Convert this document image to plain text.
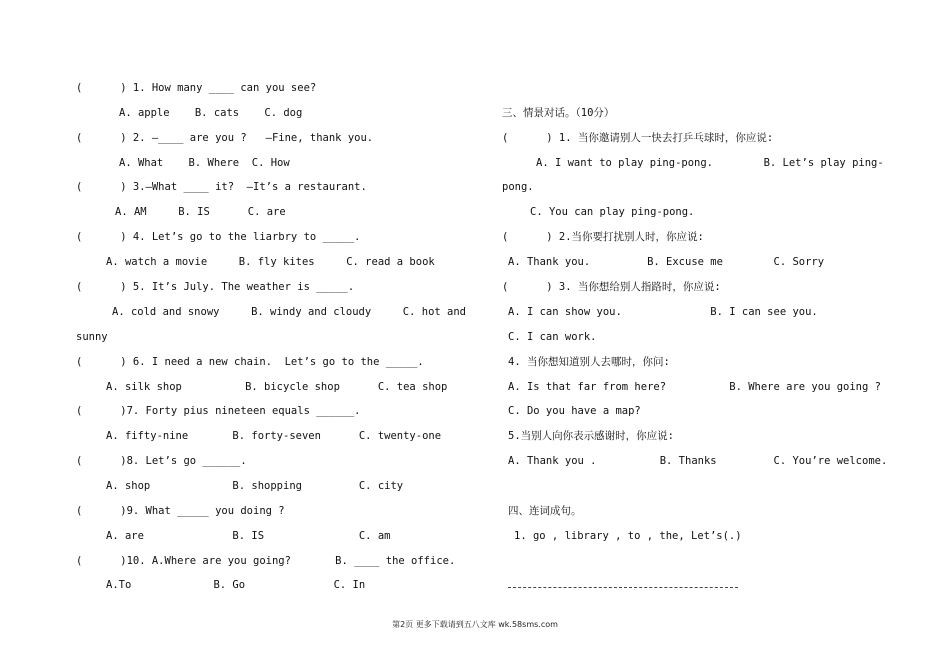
(      ) 1. How many ____ can you see?
A. apple    B. cats    C. dog
(      ) 2. —____ are you ?   —Fine, thank you.
A. What    B. Where  C. How
(      ) 3.—What ____ it?  —It’s a restaurant.
A. AM     B. IS      C. are
(      ) 4. Let’s go to the liarbry to _____.
A. watch a movie     B. fly kites     C. read a book
(      ) 5. It’s July. The weather is _____.
A. cold and snowy     B. windy and cloudy     C. hot and
sunny
(      ) 6. I need a new chain.  Let’s go to the _____.
A. silk shop          B. bicycle shop      C. tea shop
(      )7. Forty pius nineteen equals ______.
A. fifty-nine       B. forty-seven      C. twenty-one
(      )8. Let’s go ______.
A. shop             B. shopping         C. city
(      )9. What _____ you doing ?
A. are              B. IS               C. am
(      )10. A.Where are you going?       B. ____ the office.
A.To             B. Go              C. In
三、情景对话。（10分）
(      ) 1. 当你邀请别人一快去打乒乓球时，你应说:
A. I want to play ping-pong.        B. Let’s play ping-
pong.
C. You can play ping-pong.
(      ) 2.当你要打扰别人时，你应说:
A. Thank you.         B. Excuse me        C. Sorry
(      ) 3. 当你想给别人指路时，你应说:
A. I can show you.              B. I can see you.
C. I can work.
4. 当你想知道别人去哪时，你问:
A. Is that far from here?          B. Where are you going ?
C. Do you have a map?
5.当别人向你表示感谢时，你应说:
A. Thank you .          B. Thanks         C. You’re welcome.
四、连词成句。
1. go , library , to , the, Let’s(.)
第2页 更多下载请到五八文库 wk.58sms.com
